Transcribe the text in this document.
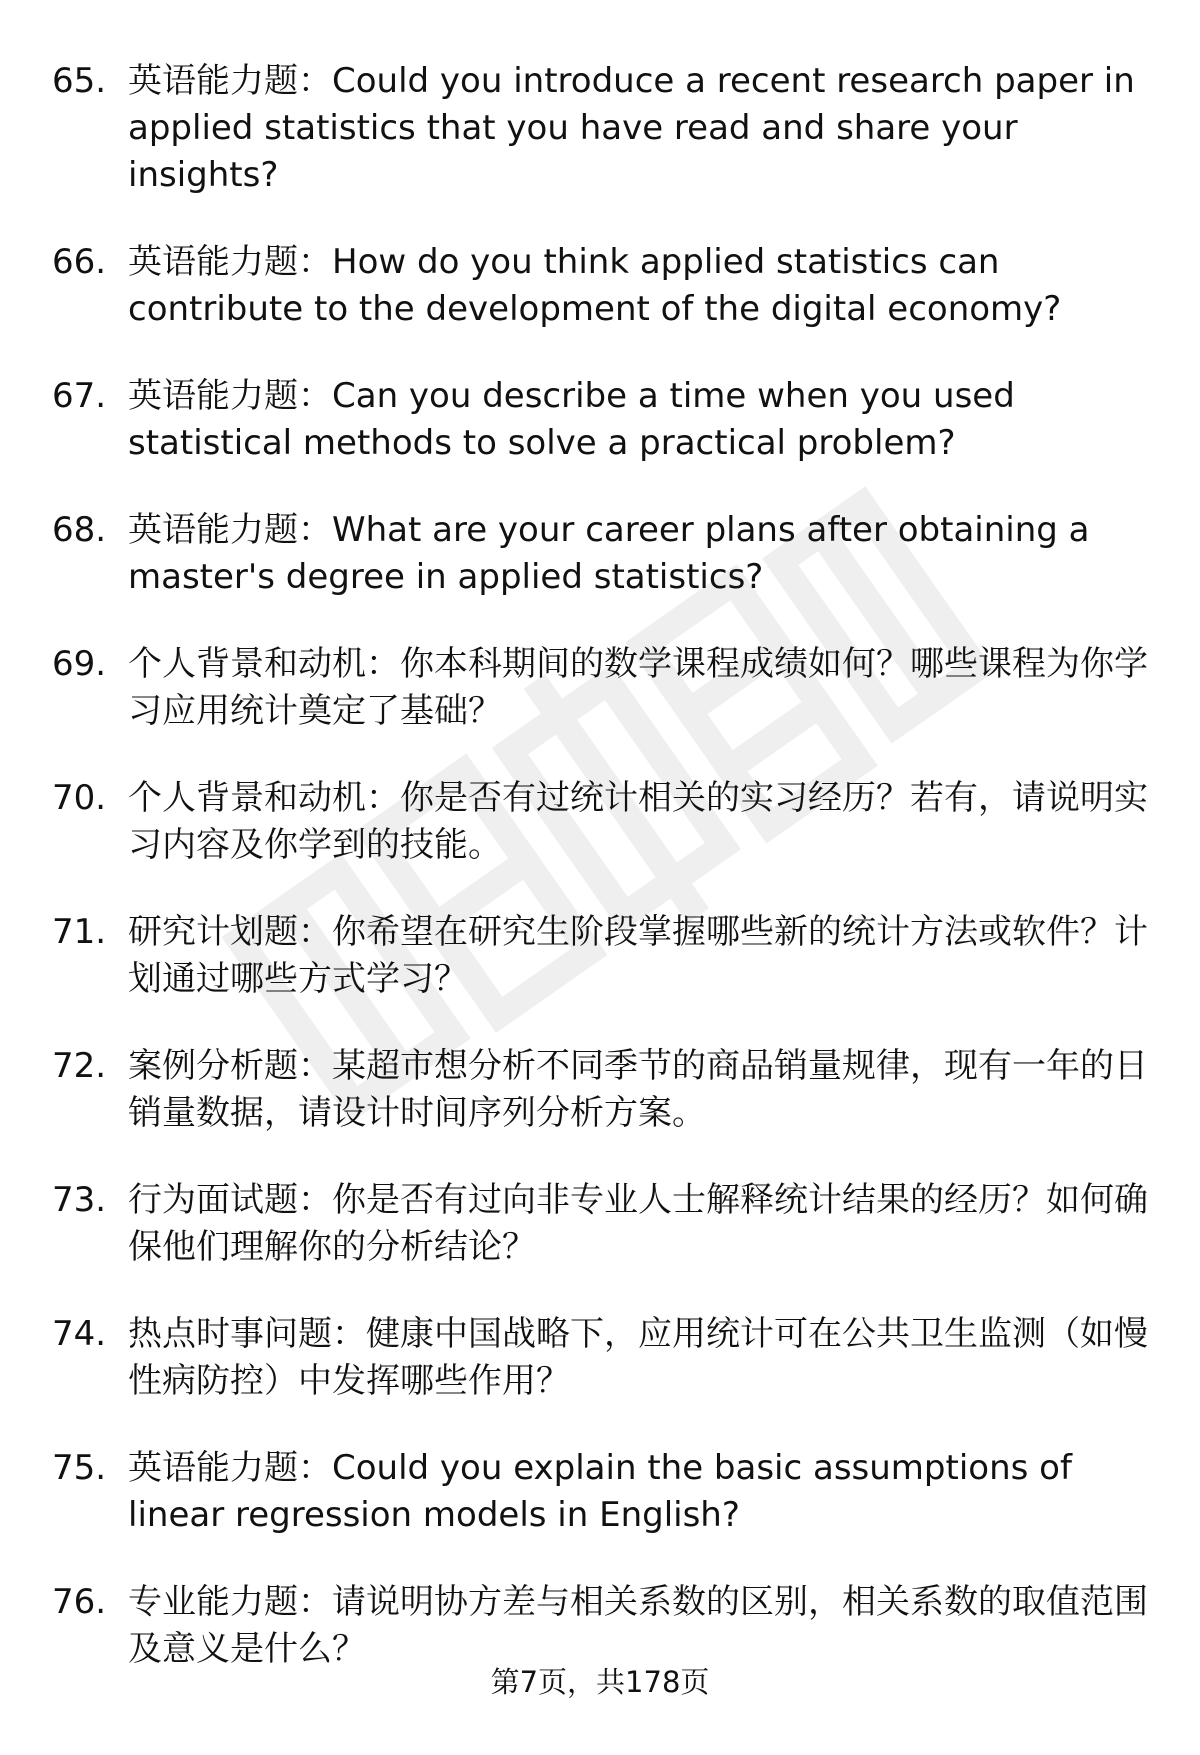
65. 英语能力题：Could you introduce a recent research paper in applied statistics that you have read and share your insights?
66. 英语能力题：How do you think applied statistics can contribute to the development of the digital economy?
67. 英语能力题：Can you describe a time when you used statistical methods to solve a practical problem?
68. 英语能力题：What are your career plans after obtaining a master's degree in applied statistics?
69. 个人背景和动机：你本科期间的数学课程成绩如何？哪些课程为你学习应用统计奠定了基础？
70. 个人背景和动机：你是否有过统计相关的实习经历？若有，请说明实习内容及你学到的技能。
71. 研究计划题：你希望在研究生阶段掌握哪些新的统计方法或软件？计划通过哪些方式学习？
72. 案例分析题：某超市想分析不同季节的商品销量规律，现有一年的日销量数据，请设计时间序列分析方案。
73. 行为面试题：你是否有过向非专业人士解释统计结果的经历？如何确保他们理解你的分析结论？
74. 热点时事问题：健康中国战略下，应用统计可在公共卫生监测（如慢性病防控）中发挥哪些作用？
75. 英语能力题：Could you explain the basic assumptions of linear regression models in English?
76. 专业能力题：请说明协方差与相关系数的区别，相关系数的取值范围及意义是什么？
第7页，共178页
